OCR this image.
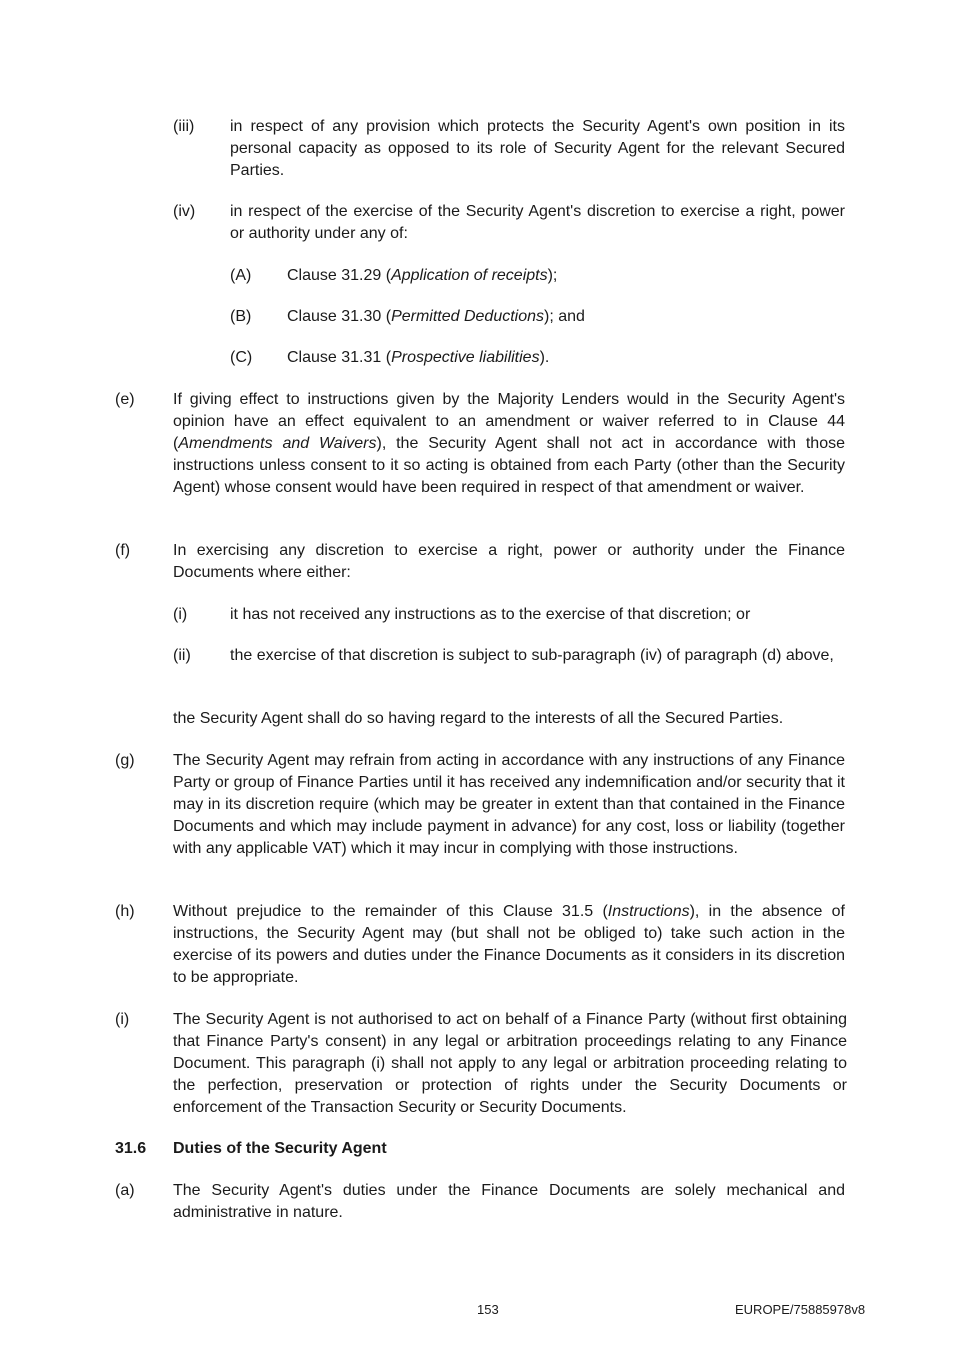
(iii) in respect of any provision which protects the Security Agent's own position in its personal capacity as opposed to its role of Security Agent for the relevant Secured Parties.
(iv) in respect of the exercise of the Security Agent's discretion to exercise a right, power or authority under any of:
(A) Clause 31.29 (Application of receipts);
(B) Clause 31.30 (Permitted Deductions); and
(C) Clause 31.31 (Prospective liabilities).
(e) If giving effect to instructions given by the Majority Lenders would in the Security Agent's opinion have an effect equivalent to an amendment or waiver referred to in Clause 44 (Amendments and Waivers), the Security Agent shall not act in accordance with those instructions unless consent to it so acting is obtained from each Party (other than the Security Agent) whose consent would have been required in respect of that amendment or waiver.
(f)	In exercising any discretion to exercise a right, power or authority under the Finance Documents where either:
(i)	it has not received any instructions as to the exercise of that discretion; or
(ii) the exercise of that discretion is subject to sub-paragraph (iv) of paragraph (d) above,
the Security Agent shall do so having regard to the interests of all the Secured Parties.
(g) The Security Agent may refrain from acting in accordance with any instructions of any Finance Party or group of Finance Parties until it has received any indemnification and/or security that it may in its discretion require (which may be greater in extent than that contained in the Finance Documents and which may include payment in advance) for any cost, loss or liability (together with any applicable VAT) which it may incur in complying with those instructions.
(h) Without prejudice to the remainder of this Clause 31.5 (Instructions), in the absence of instructions, the Security Agent may (but shall not be obliged to) take such action in the exercise of its powers and duties under the Finance Documents as it considers in its discretion to be appropriate.
(i)	The Security Agent is not authorised to act on behalf of a Finance Party (without first obtaining that Finance Party's consent) in any legal or arbitration proceedings relating to any Finance Document. This paragraph (i) shall not apply to any legal or arbitration proceeding relating to the perfection, preservation or protection of rights under the Security Documents or enforcement of the Transaction Security or Security Documents.
31.6 Duties of the Security Agent
(a) The Security Agent's duties under the Finance Documents are solely mechanical and administrative in nature.
153	EUROPE/75885978v8
